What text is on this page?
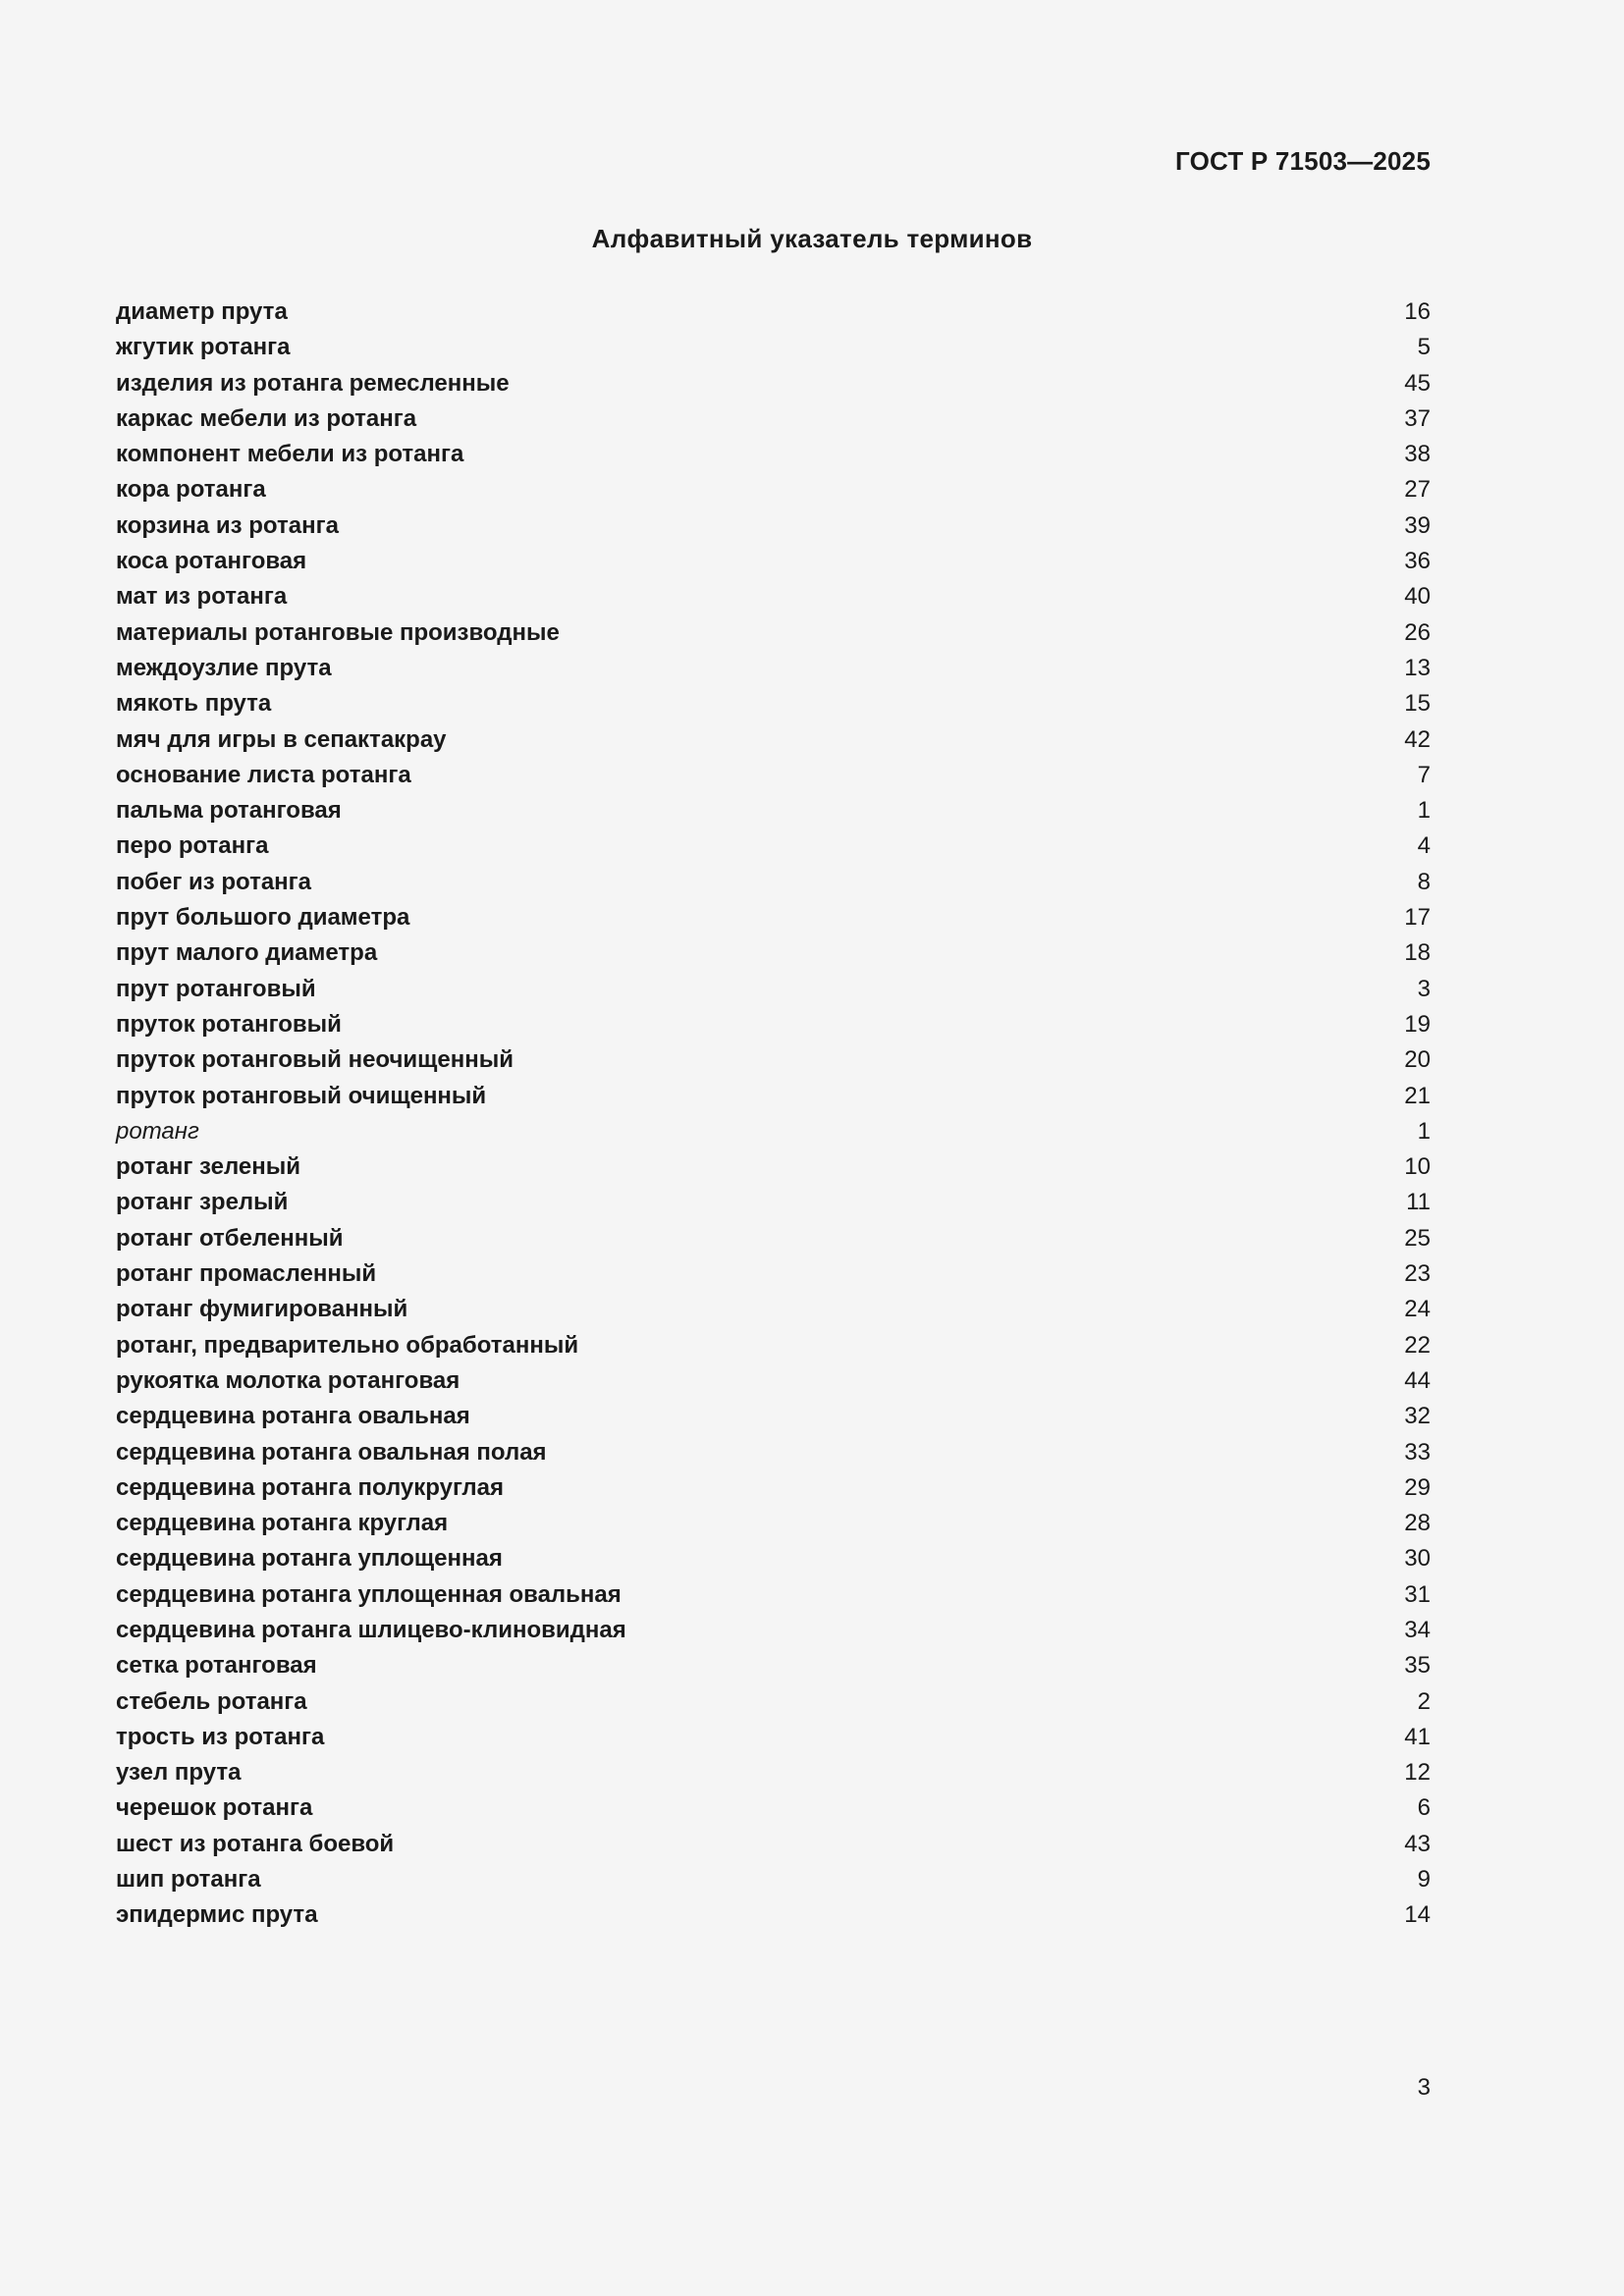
ГОСТ Р 71503—2025
Алфавитный указатель терминов
диаметр прута	16
жгутик ротанга	5
изделия из ротанга ремесленные	45
каркас мебели из ротанга	37
компонент мебели из ротанга	38
кора ротанга	27
корзина из ротанга	39
коса ротанговая	36
мат из ротанга	40
материалы ротанговые производные	26
междоузлие прута	13
мякоть прута	15
мяч для игры в сепактакрау	42
основание листа ротанга	7
пальма ротанговая	1
перо ротанга	4
побег из ротанга	8
прут большого диаметра	17
прут малого диаметра	18
прут ротанговый	3
пруток ротанговый	19
пруток ротанговый неочищенный	20
пруток ротанговый очищенный	21
ротанг	1
ротанг зеленый	10
ротанг зрелый	11
ротанг отбеленный	25
ротанг промасленный	23
ротанг фумигированный	24
ротанг, предварительно обработанный	22
рукоятка молотка ротанговая	44
сердцевина ротанга овальная	32
сердцевина ротанга овальная полая	33
сердцевина ротанга полукруглая	29
сердцевина ротанга круглая	28
сердцевина ротанга уплощенная	30
сердцевина ротанга уплощенная овальная	31
сердцевина ротанга шлицево-клиновидная	34
сетка ротанговая	35
стебель ротанга	2
трость из ротанга	41
узел прута	12
черешок ротанга	6
шест из ротанга боевой	43
шип ротанга	9
эпидермис прута	14
3
